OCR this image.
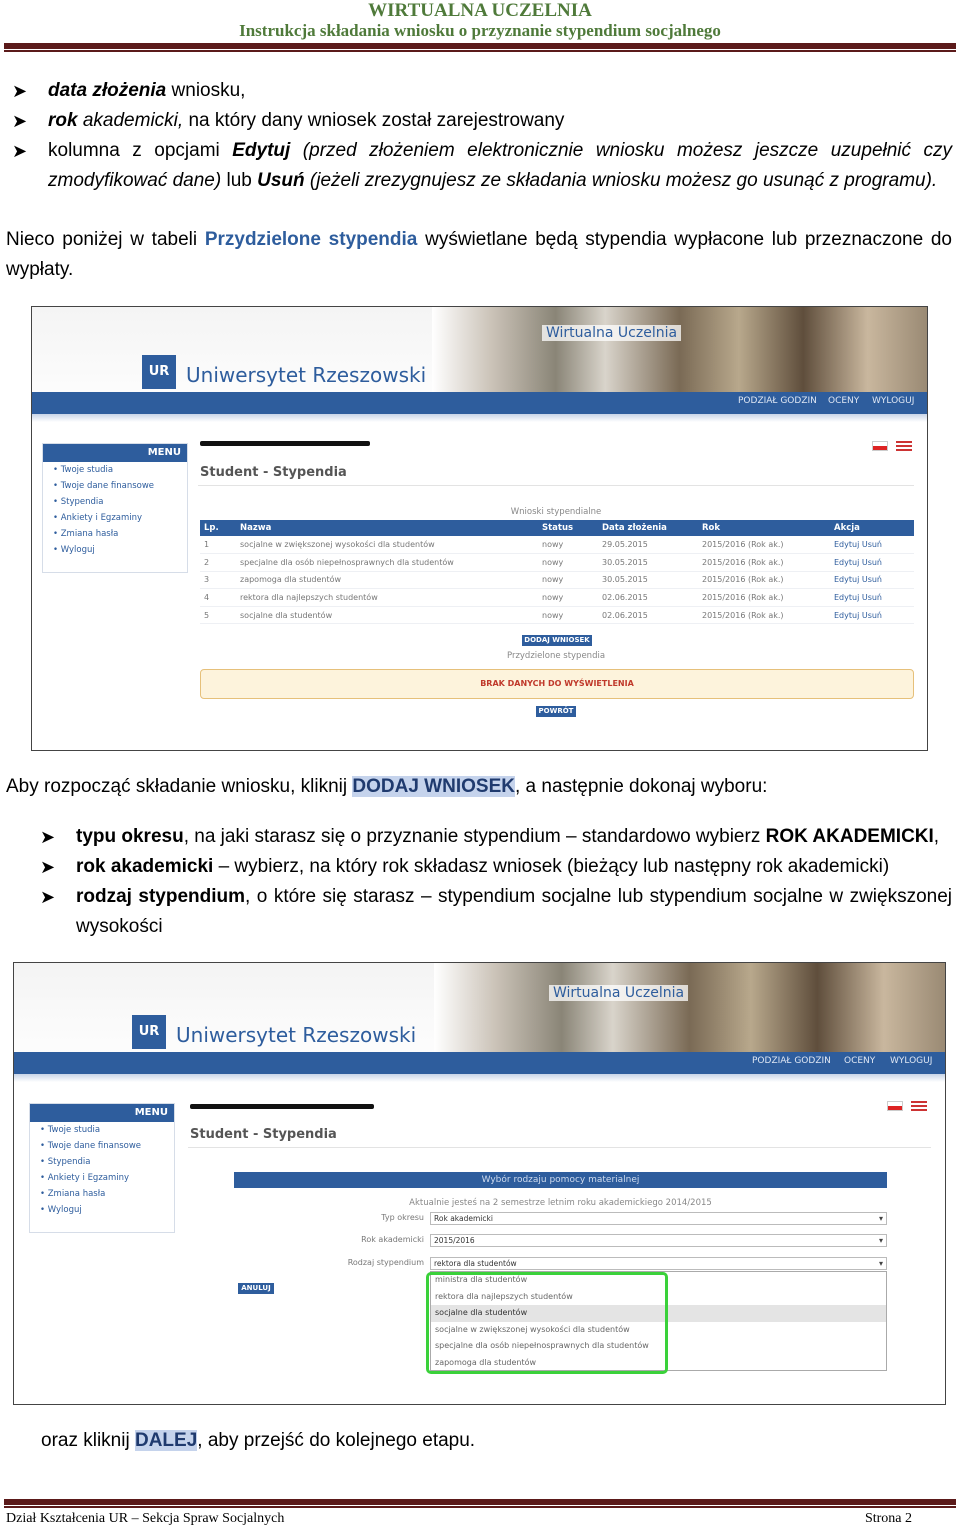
WIRTUALNA UCZELNIA
Instrukcja składania wniosku o przyznanie stypendium socjalnego
➤ data złożenia wniosku,
➤ rok akademicki, na który dany wniosek został zarejestrowany
➤ kolumna z opcjami Edytuj (przed złożeniem elektronicznie wniosku możesz jeszcze uzupełnić czy zmodyfikować dane) lub Usuń (jeżeli zrezygnujesz ze składania wniosku możesz go usunąć z programu).
Nieco poniżej w tabeli Przydzielone stypendia wyświetlane będą stypendia wypłacone lub przeznaczone do wypłaty.
Wirtualna Uczelnia
UR Uniwersytet Rzeszowski
PODZIAŁ GODZIN OCENY WYLOGUJ
MENU
• Twoje studia
• Twoje dane finansowe
• Stypendia
• Ankiety i Egzaminy
• Zmiana hasła
• Wyloguj
Student - Stypendia
Wnioski stypendialne
Lp.	Nazwa	Status	Data złożenia	Rok	Akcja
1	socjalne w zwiększonej wysokości dla studentów	nowy	29.05.2015	2015/2016 (Rok ak.)	Edytuj Usuń
2	specjalne dla osób niepełnosprawnych dla studentów	nowy	30.05.2015	2015/2016 (Rok ak.)	Edytuj Usuń
3	zapomoga dla studentów	nowy	30.05.2015	2015/2016 (Rok ak.)	Edytuj Usuń
4	rektora dla najlepszych studentów	nowy	02.06.2015	2015/2016 (Rok ak.)	Edytuj Usuń
5	socjalne dla studentów	nowy	02.06.2015	2015/2016 (Rok ak.)	Edytuj Usuń
DODAJ WNIOSEK
Przydzielone stypendia
BRAK DANYCH DO WYŚWIETLENIA
POWRÓT
Aby rozpocząć składanie wniosku, kliknij DODAJ WNIOSEK, a następnie dokonaj wyboru:
➤ typu okresu, na jaki starasz się o przyznanie stypendium – standardowo wybierz ROK AKADEMICKI,
➤ rok akademicki – wybierz, na który rok składasz wniosek (bieżący lub następny rok akademicki)
➤ rodzaj stypendium, o które się starasz – stypendium socjalne lub stypendium socjalne w zwiększonej wysokości
Wirtualna Uczelnia
UR Uniwersytet Rzeszowski
PODZIAŁ GODZIN OCENY WYLOGUJ
MENU
• Twoje studia
• Twoje dane finansowe
• Stypendia
• Ankiety i Egzaminy
• Zmiana hasła
• Wyloguj
Student - Stypendia
Wybór rodzaju pomocy materialnej
Aktualnie jesteś na 2 semestrze letnim roku akademickiego 2014/2015
Typ okresu	Rok akademicki ▾
Rok akademicki	2015/2016 ▾
Rodzaj stypendium	rektora dla studentów ▾
ministra dla studentów
rektora dla najlepszych studentów
socjalne dla studentów
socjalne w zwiększonej wysokości dla studentów
specjalne dla osób niepełnosprawnych dla studentów
zapomoga dla studentów
ANULUJ
oraz kliknij DALEJ, aby przejść do kolejnego etapu.
Dział Kształcenia UR – Sekcja Spraw Socjalnych	Strona 2
